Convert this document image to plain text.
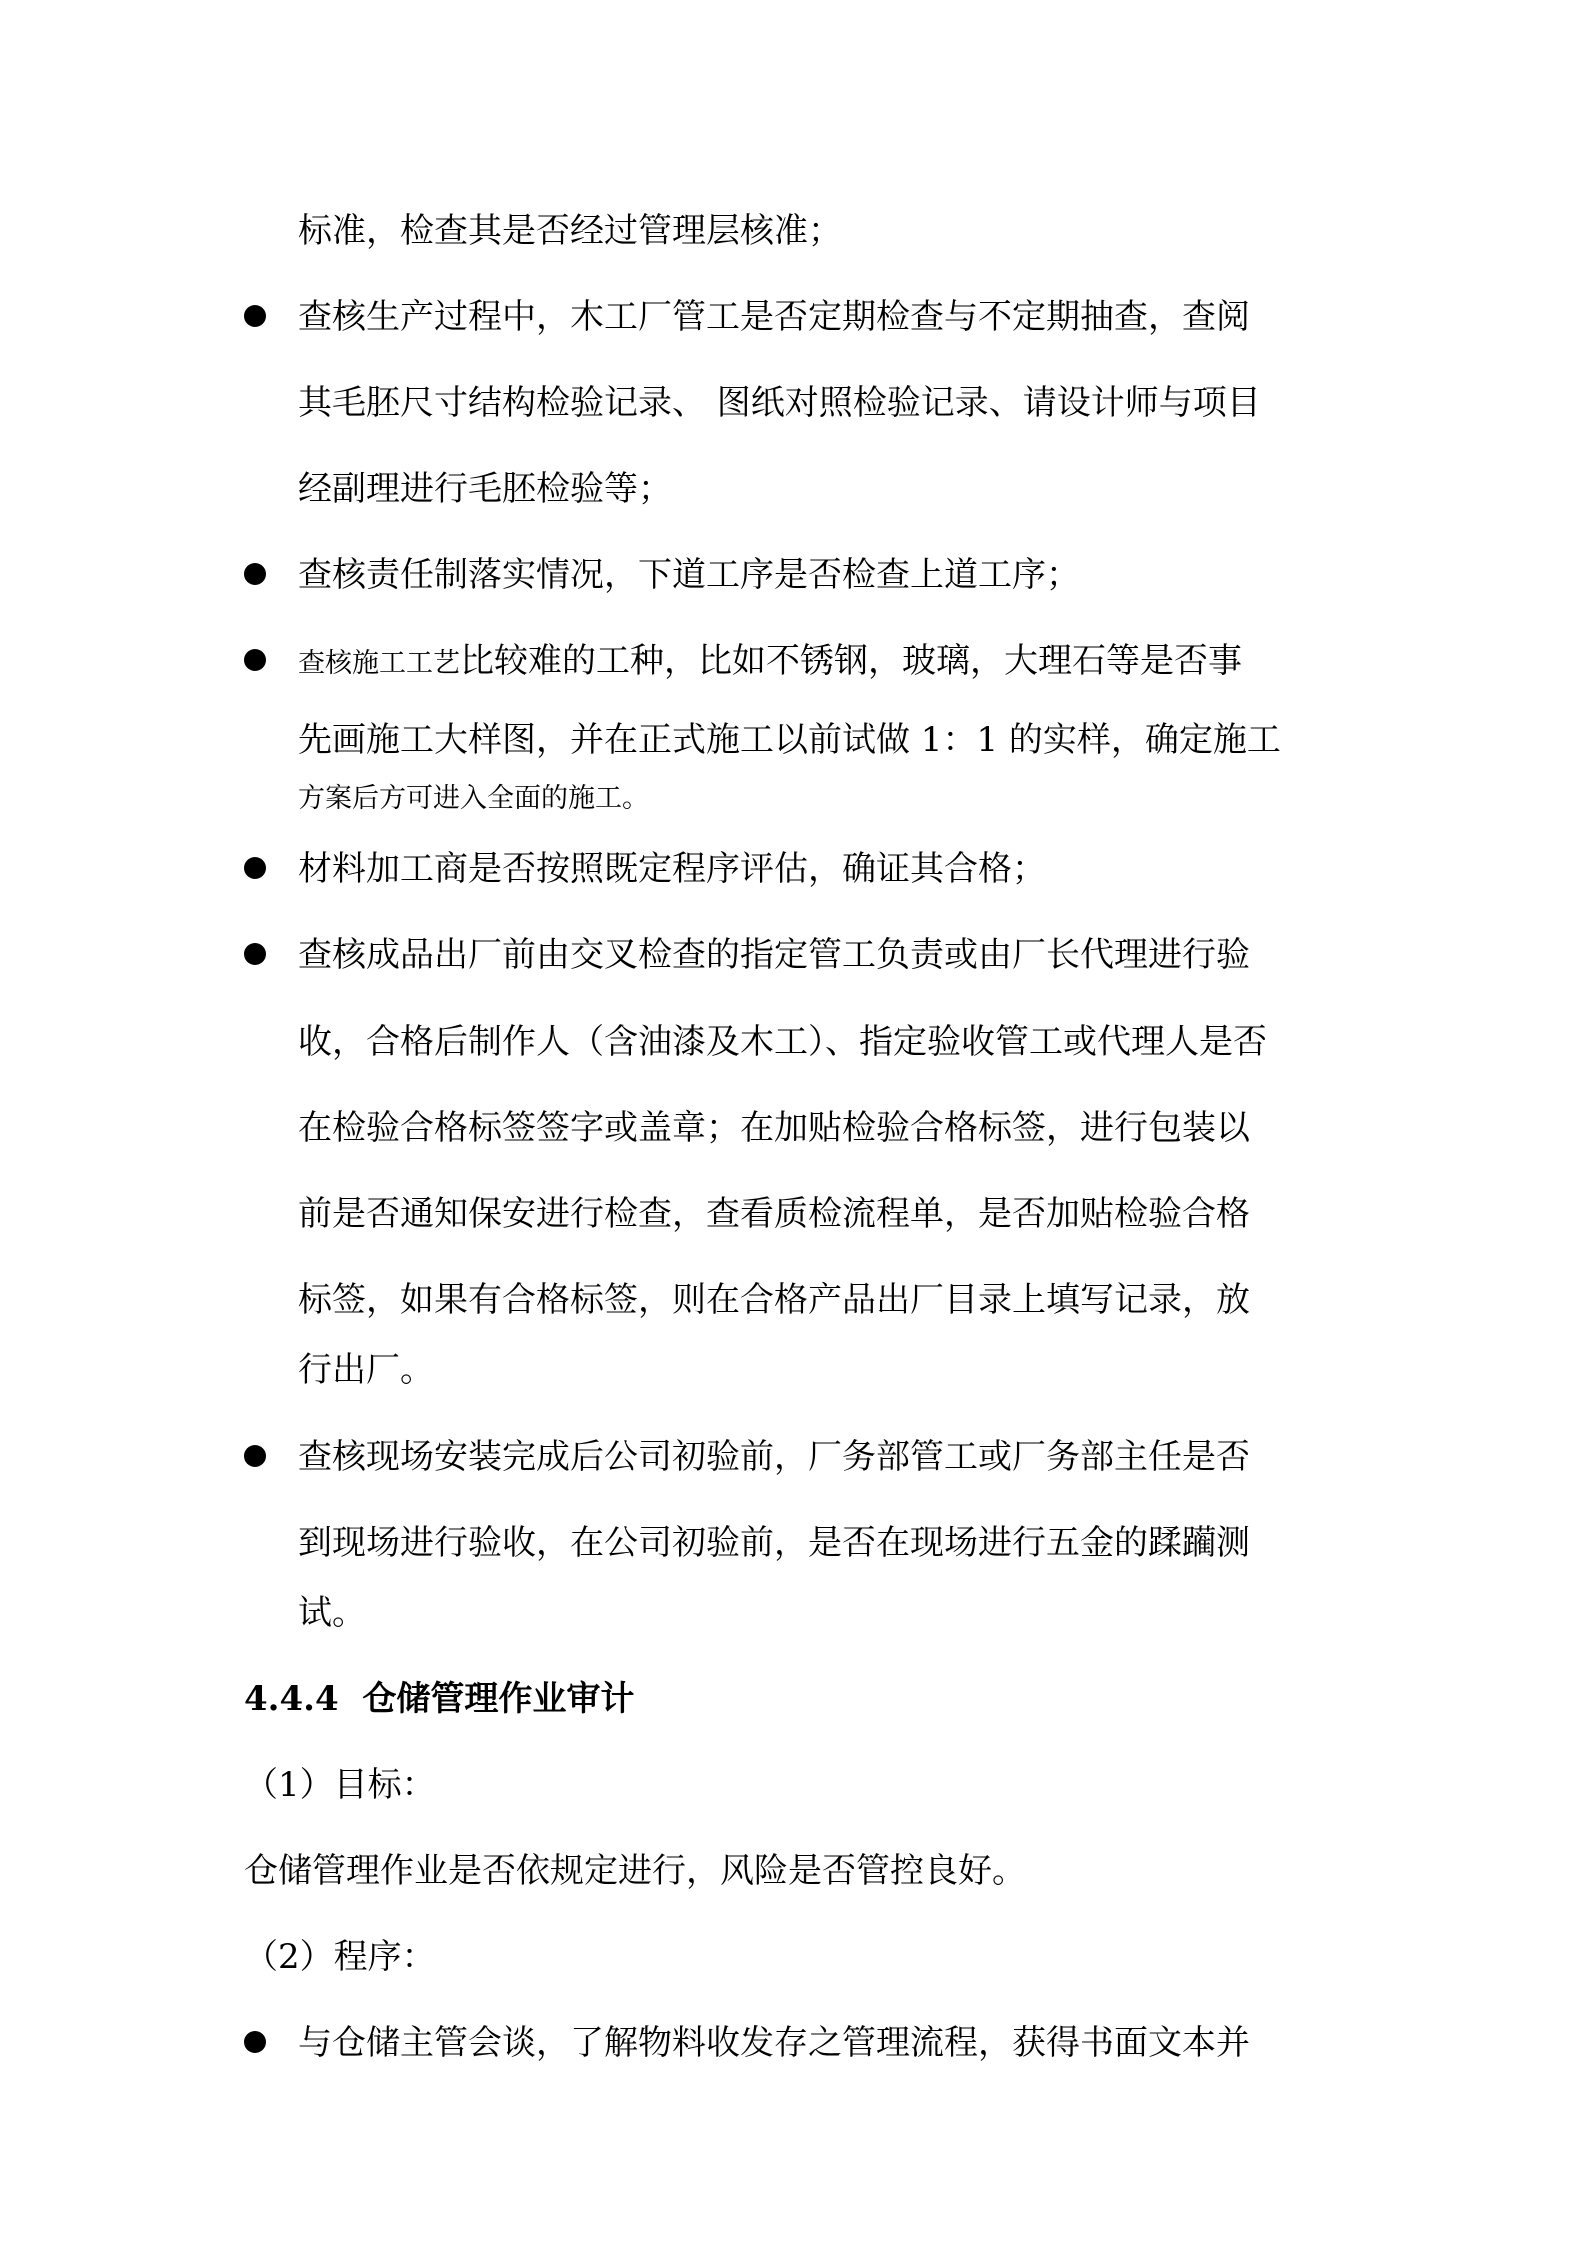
标准，检查其是否经过管理层核准；
查核生产过程中，木工厂管工是否定期检查与不定期抽查，查阅
其毛胚尺寸结构检验记录、 图纸对照检验记录、请设计师与项目
经副理进行毛胚检验等；
查核责任制落实情况，下道工序是否检查上道工序；
查核施工工艺比较难的工种，比如不锈钢，玻璃，大理石等是否事
先画施工大样图，并在正式施工以前试做 1：1 的实样，确定施工
方案后方可进入全面的施工。
材料加工商是否按照既定程序评估，确证其合格；
查核成品出厂前由交叉检查的指定管工负责或由厂长代理进行验
收，合格后制作人（含油漆及木工）、指定验收管工或代理人是否
在检验合格标签签字或盖章；在加贴检验合格标签，进行包装以
前是否通知保安进行检查，查看质检流程单，是否加贴检验合格
标签，如果有合格标签，则在合格产品出厂目录上填写记录，放
行出厂。
查核现场安装完成后公司初验前，厂务部管工或厂务部主任是否
到现场进行验收，在公司初验前，是否在现场进行五金的蹂躏测
试。
4.4.4 仓储管理作业审计
（1）目标：
仓储管理作业是否依规定进行，风险是否管控良好。
（2）程序：
与仓储主管会谈，了解物料收发存之管理流程，获得书面文本并
